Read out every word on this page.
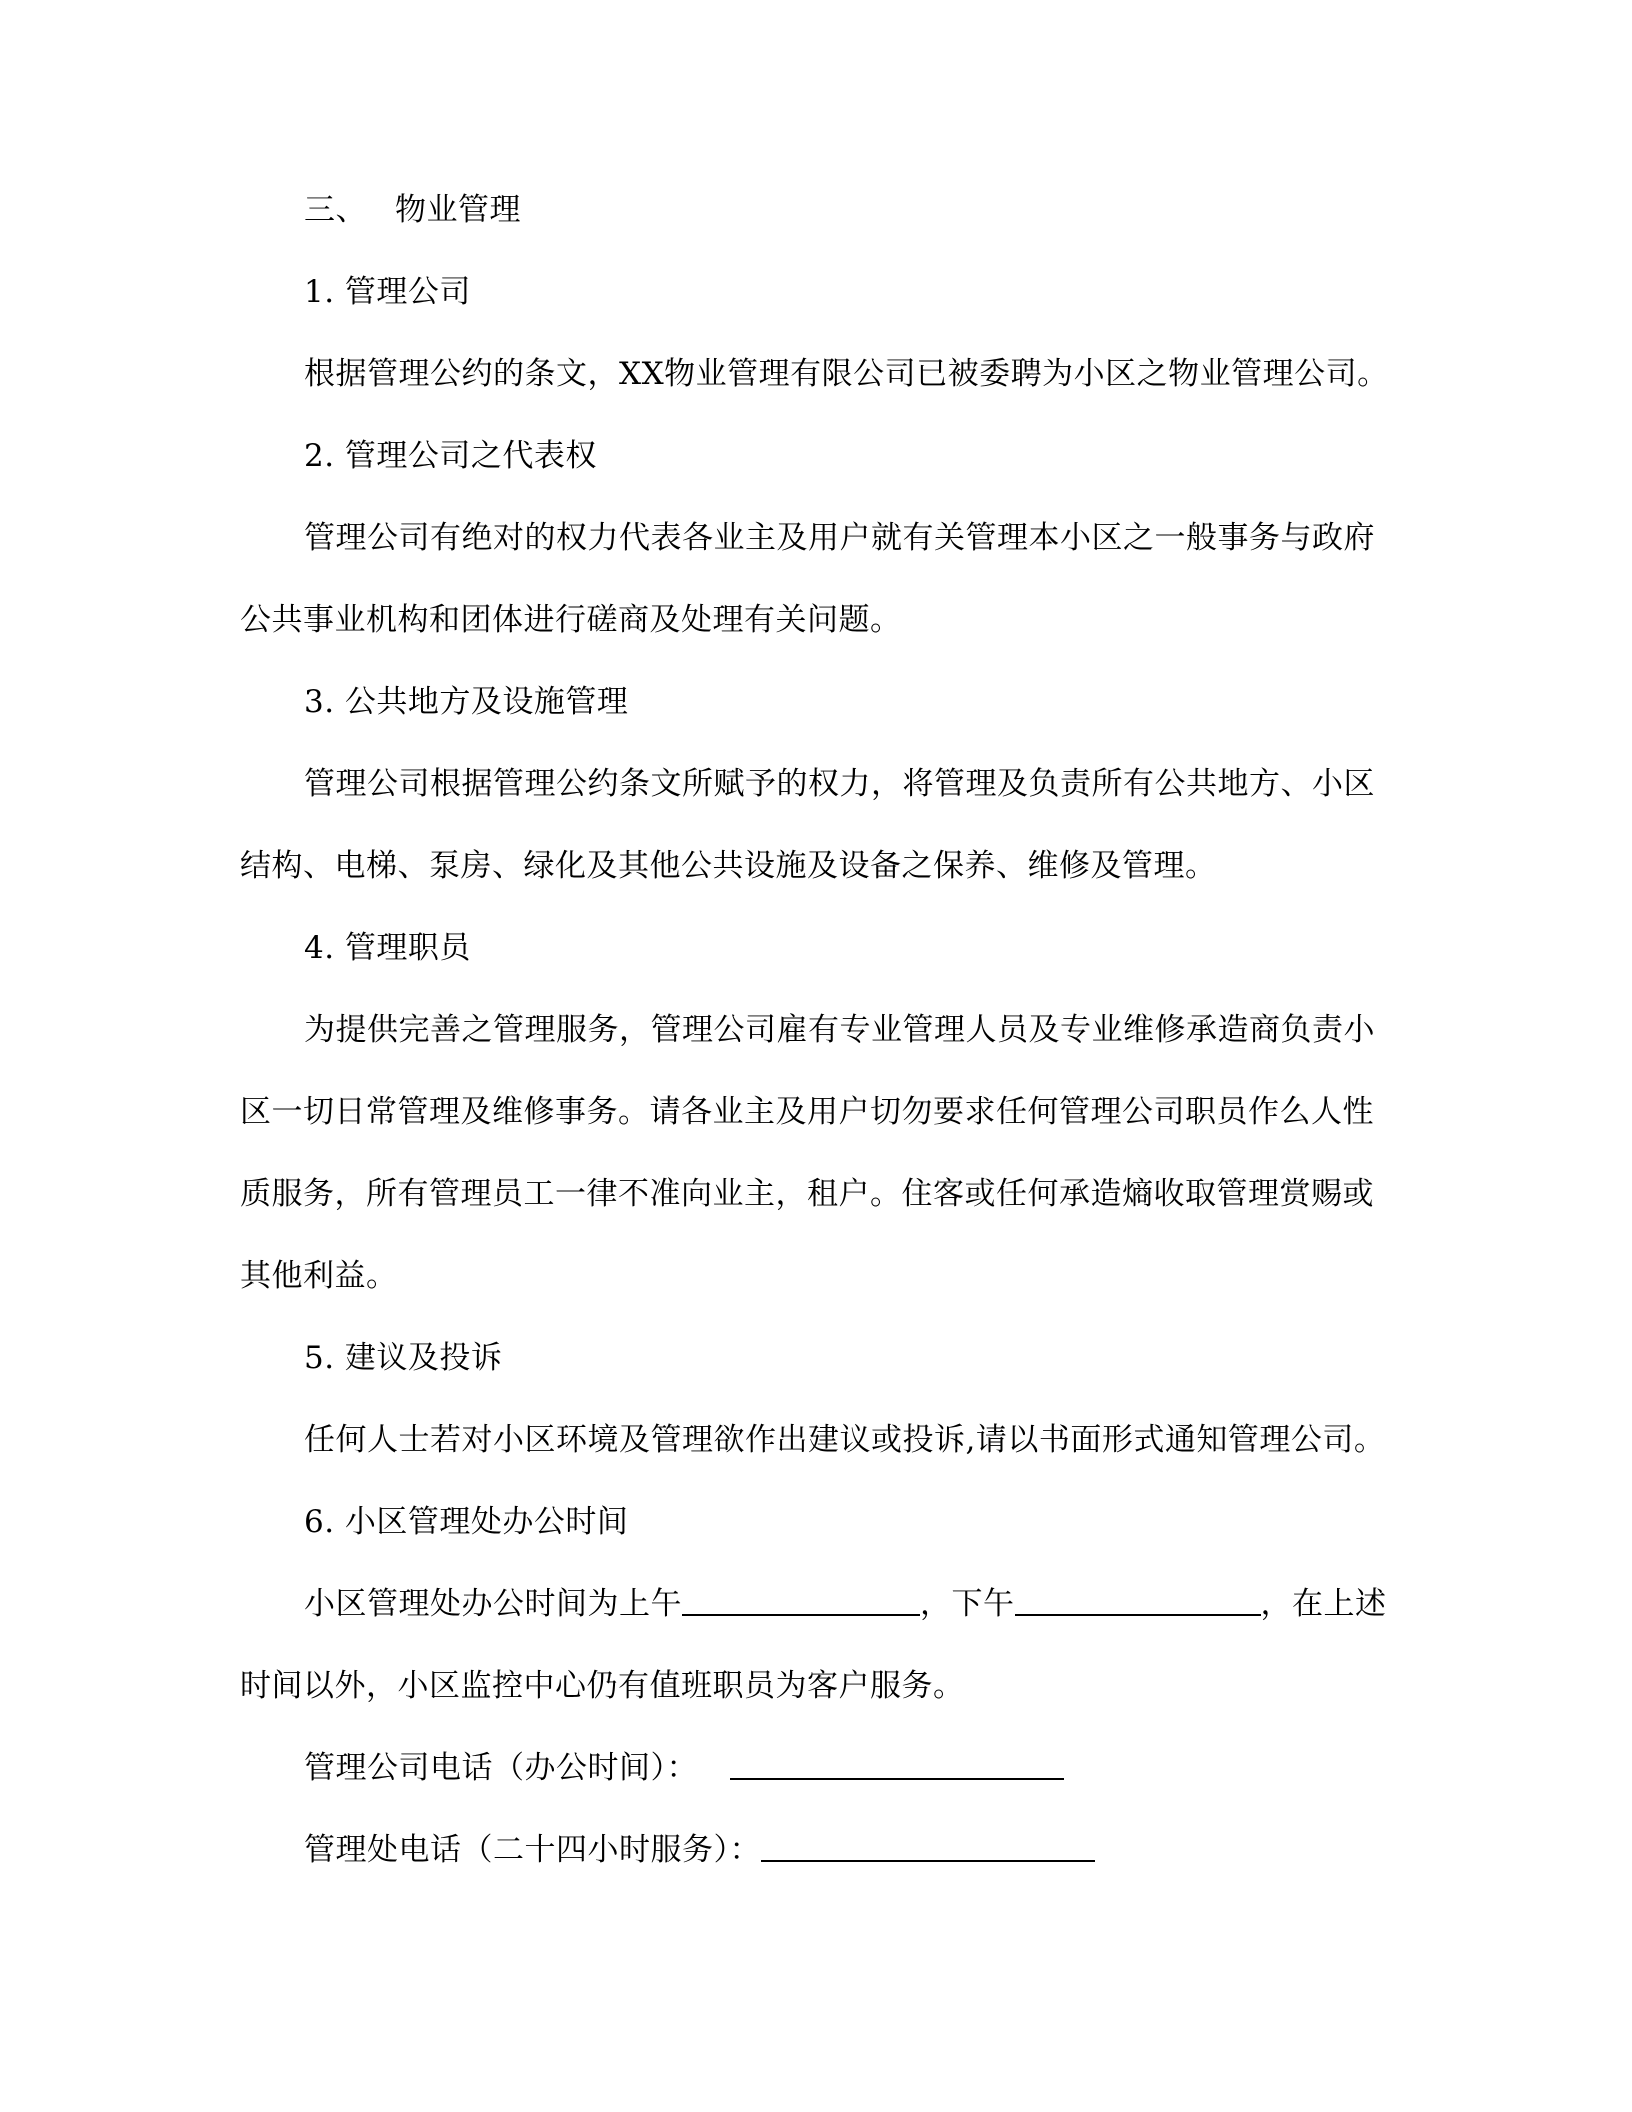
三、 物业管理
1. 管理公司
根据管理公约的条文，XX物业管理有限公司已被委聘为小区之物业管理公司。
2. 管理公司之代表权
管理公司有绝对的权力代表各业主及用户就有关管理本小区之一般事务与政府
公共事业机构和团体进行磋商及处理有关问题。
3. 公共地方及设施管理
管理公司根据管理公约条文所赋予的权力，将管理及负责所有公共地方、小区
结构、电梯、泵房、绿化及其他公共设施及设备之保养、维修及管理。
4. 管理职员
为提供完善之管理服务，管理公司雇有专业管理人员及专业维修承造商负责小
区一切日常管理及维修事务。请各业主及用户切勿要求任何管理公司职员作么人性
质服务，所有管理员工一律不准向业主，租户。住客或任何承造熵收取管理赏赐或
其他利益。
5. 建议及投诉
任何人士若对小区环境及管理欲作出建议或投诉,请以书面形式通知管理公司。
6. 小区管理处办公时间
小区管理处办公时间为上午	，下午	，在上述
时间以外，小区监控中心仍有值班职员为客户服务。
管理公司电话（办公时间）：
管理处电话（二十四小时服务）：
